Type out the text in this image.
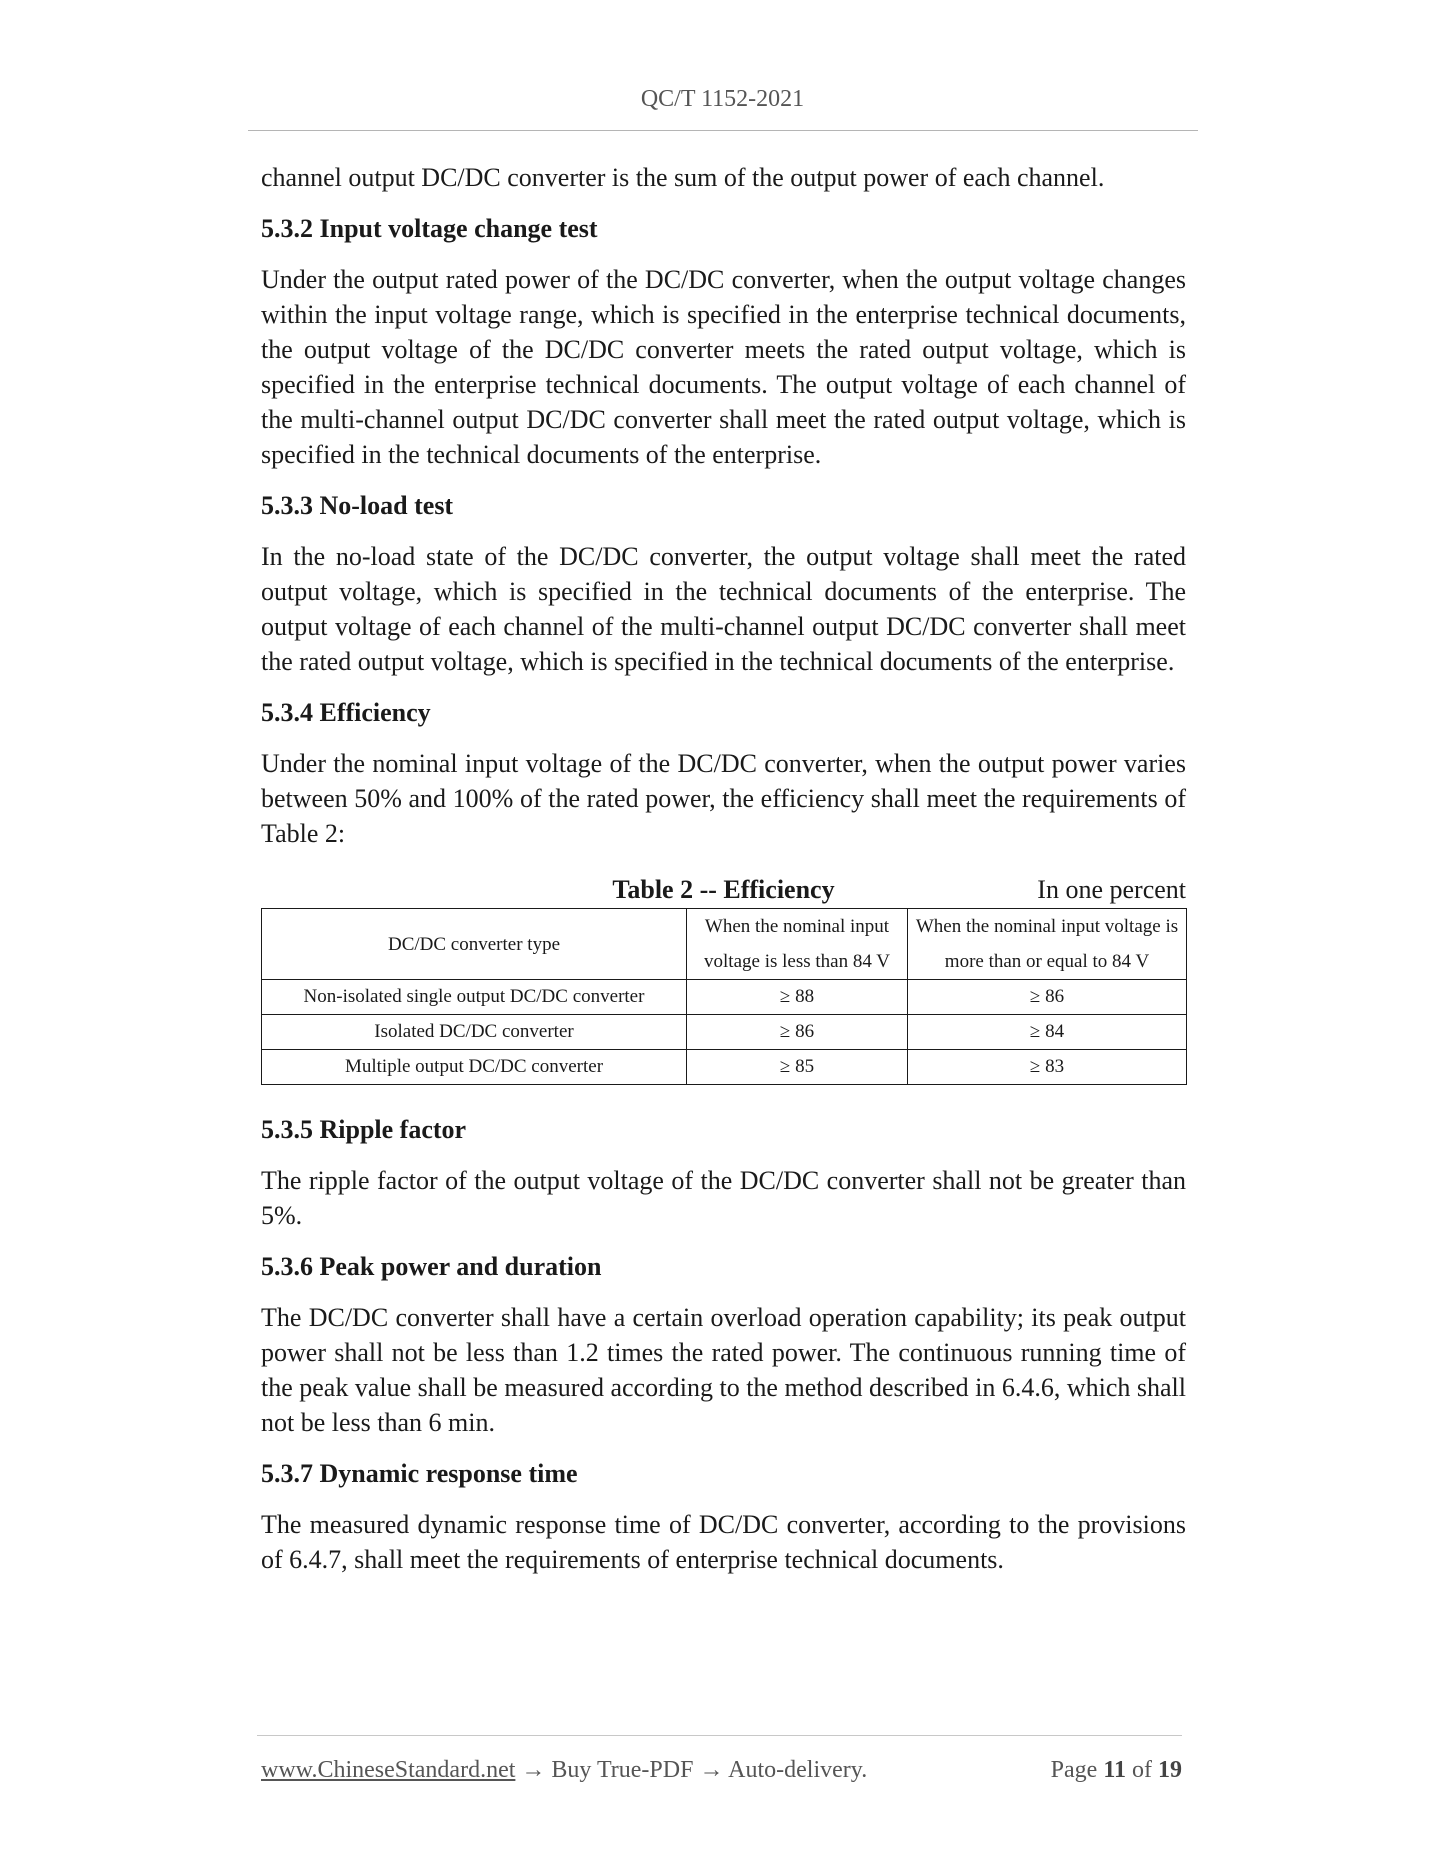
QC/T 1152-2021

channel output DC/DC converter is the sum of the output power of each channel.

5.3.2 Input voltage change test

Under the output rated power of the DC/DC converter, when the output voltage changes within the input voltage range, which is specified in the enterprise technical documents, the output voltage of the DC/DC converter meets the rated output voltage, which is specified in the enterprise technical documents. The output voltage of each channel of the multi-channel output DC/DC converter shall meet the rated output voltage, which is specified in the technical documents of the enterprise.

5.3.3 No-load test

In the no-load state of the DC/DC converter, the output voltage shall meet the rated output voltage, which is specified in the technical documents of the enterprise. The output voltage of each channel of the multi-channel output DC/DC converter shall meet the rated output voltage, which is specified in the technical documents of the enterprise.

5.3.4 Efficiency

Under the nominal input voltage of the DC/DC converter, when the output power varies between 50% and 100% of the rated power, the efficiency shall meet the requirements of Table 2:

Table 2 -- Efficiency	In one percent
DC/DC converter type	When the nominal input voltage is less than 84 V	When the nominal input voltage is more than or equal to 84 V
Non-isolated single output DC/DC converter	≥ 88	≥ 86
Isolated DC/DC converter	≥ 86	≥ 84
Multiple output DC/DC converter	≥ 85	≥ 83

5.3.5 Ripple factor

The ripple factor of the output voltage of the DC/DC converter shall not be greater than 5%.

5.3.6 Peak power and duration

The DC/DC converter shall have a certain overload operation capability; its peak output power shall not be less than 1.2 times the rated power. The continuous running time of the peak value shall be measured according to the method described in 6.4.6, which shall not be less than 6 min.

5.3.7 Dynamic response time

The measured dynamic response time of DC/DC converter, according to the provisions of 6.4.7, shall meet the requirements of enterprise technical documents.

www.ChineseStandard.net → Buy True-PDF → Auto-delivery.	Page 11 of 19
